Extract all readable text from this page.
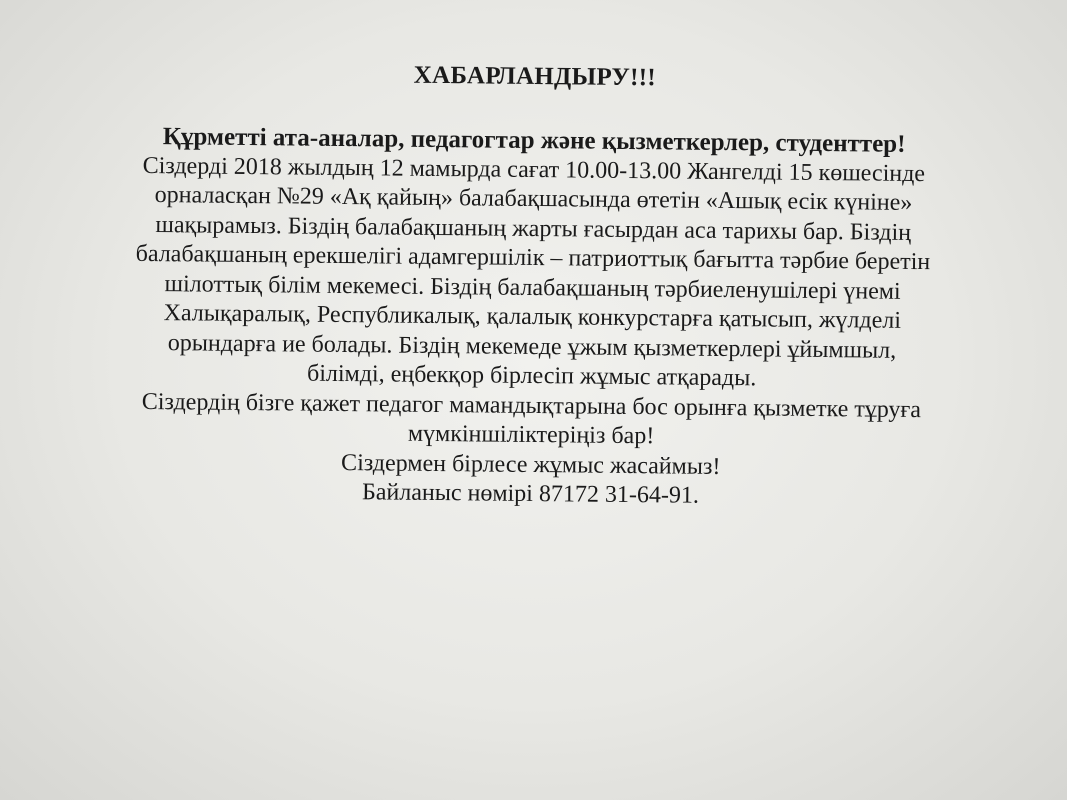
ХАБАРЛАНДЫРУ!!!
Құрметті ата-аналар, педагогтар және қызметкерлер, студенттер!
Сіздерді 2018 жылдың 12 мамырда сағат 10.00-13.00 Жангелді 15 көшесінде
орналасқан №29 «Ақ қайың» балабақшасында өтетін «Ашық есік күніне»
шақырамыз. Біздің балабақшаның жарты ғасырдан аса тарихы бар. Біздің
балабақшаның ерекшелігі адамгершілік – патриоттық бағытта тәрбие беретін
шілоттық білім мекемесі. Біздің балабақшаның тәрбиеленушілері үнемі
Халықаралық, Республикалық, қалалық конкурстарға қатысып, жүлделі
орындарға ие болады. Біздің мекемеде ұжым қызметкерлері ұйымшыл,
білімді, еңбекқор бірлесіп жұмыс атқарады.
Сіздердің бізге қажет педагог мамандықтарына бос орынға қызметке тұруға
мүмкіншіліктеріңіз бар!
Сіздермен бірлесе жұмыс жасаймыз!
Байланыс нөмірі 87172 31-64-91.
